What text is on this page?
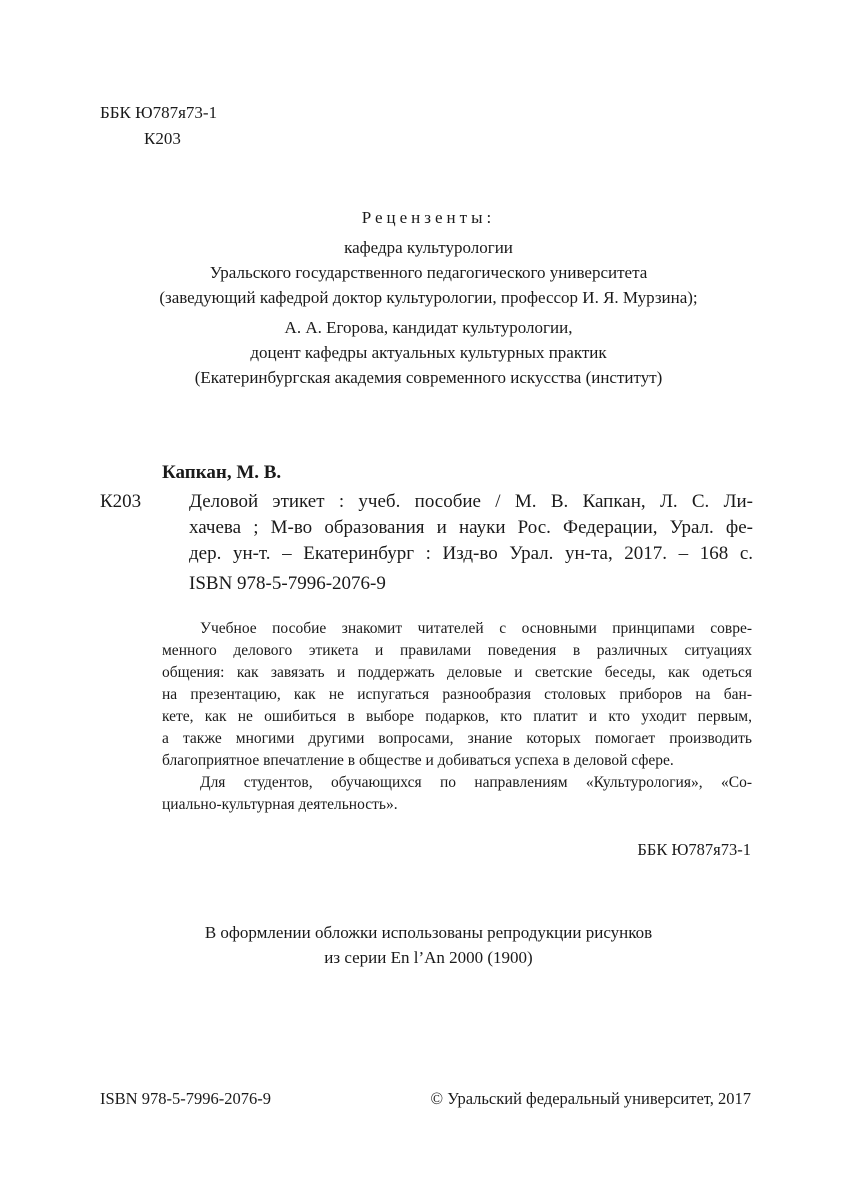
ББК Ю787я73-1
К203
Рецензенты:
кафедра культурологии
Уральского государственного педагогического университета
(заведующий кафедрой доктор культурологии, профессор И. Я. Мурзина);
А. А. Егорова, кандидат культурологии,
доцент кафедры актуальных культурных практик
(Екатеринбургская академия современного искусства (институт)
Капкан, М. В.
К203	Деловой этикет : учеб. пособие / М. В. Капкан, Л. С. Ли-

хачева ; М-во образования и науки Рос. Федерации, Урал. фе-

дер. ун-т. – Екатеринбург : Изд-во Урал. ун-та, 2017. – 168 с.

ISBN 978-5-7996-2076-9
Учебное пособие знакомит читателей с основными принципами совре-
менного делового этикета и правилами поведения в различных ситуациях
общения: как завязать и поддержать деловые и светские беседы, как одеться
на презентацию, как не испугаться разнообразия столовых приборов на бан-
кете, как не ошибиться в выборе подарков, кто платит и кто уходит первым,
а также многими другими вопросами, знание которых помогает производить
благоприятное впечатление в обществе и добиваться успеха в деловой сфере.
Для студентов, обучающихся по направлениям «Культурология», «Со-
циально-культурная деятельность».
ББК Ю787я73-1
В оформлении обложки использованы репродукции рисунков
из серии En l’An 2000 (1900)
ISBN 978-5-7996-2076-9	© Уральский федеральный университет, 2017
